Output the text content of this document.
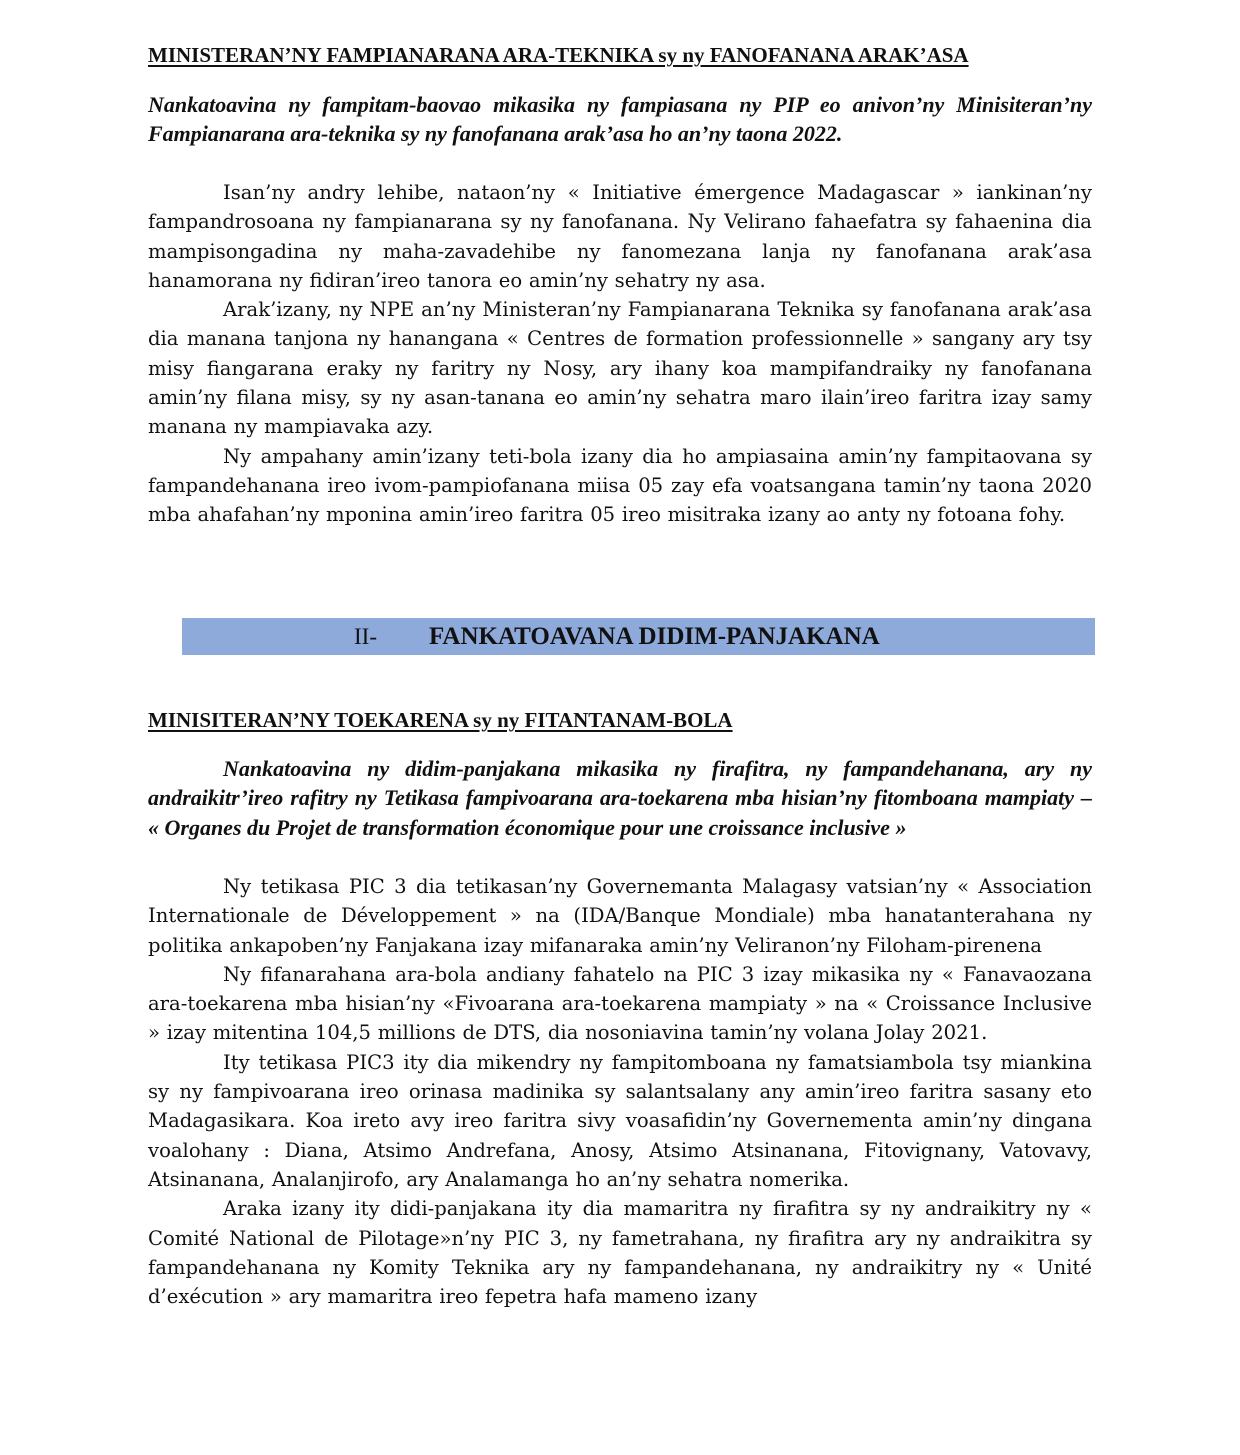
MINISTERAN’NY FAMPIANARANA ARA-TEKNIKA sy ny FANOFANANA ARAK’ASA

Nankatoavina ny fampitam-baovao mikasika ny fampiasana ny PIP eo anivon’ny Minisiteran’ny Fampianarana ara-teknika sy ny fanofanana arak’asa ho an’ny taona 2022.

Isan’ny andry lehibe, nataon’ny « Initiative émergence Madagascar » iankinan’ny fampandrosoana ny fampianarana sy ny fanofanana. Ny Velirano fahaefatra sy fahaenina dia mampisongadina ny maha-zavadehibe ny fanomezana lanja ny fanofanana arak’asa hanamorana ny fidiran’ireo tanora eo amin’ny sehatry ny asa.

Arak’izany, ny NPE an’ny Ministeran’ny Fampianarana Teknika sy fanofanana arak’asa dia manana tanjona ny hanangana « Centres de formation professionnelle » sangany ary tsy misy fiangarana eraky ny faritry ny Nosy, ary ihany koa mampifandraiky ny fanofanana amin’ny filana misy, sy ny asan-tanana eo amin’ny sehatra maro ilain’ireo faritra izay samy manana ny mampiavaka azy.

Ny ampahany amin’izany teti-bola izany dia ho ampiasaina amin’ny fampitaovana sy fampandehanana ireo ivom-pampiofanana miisa 05 zay efa voatsangana tamin’ny taona 2020 mba ahafahan’ny mponina amin’ireo faritra 05 ireo misitraka izany ao anty ny fotoana fohy.

II- FANKATOAVANA DIDIM-PANJAKANA
MINISITERAN’NY TOEKARENA sy ny FITANTANAM-BOLA

Nankatoavina ny didim-panjakana mikasika ny firafitra, ny fampandehanana, ary ny andraikitr’ireo rafitry ny Tetikasa fampivoarana ara-toekarena mba hisian’ny fitomboana mampiaty – « Organes du Projet de transformation économique pour une croissance inclusive »

Ny tetikasa PIC 3 dia tetikasan’ny Governemanta Malagasy vatsian’ny « Association Internationale de Développement » na (IDA/Banque Mondiale) mba hanatanterahana ny politika ankapoben’ny Fanjakana izay mifanaraka amin’ny Veliranon’ny Filoham-pirenena

Ny fifanarahana ara-bola andiany fahatelo na PIC 3 izay mikasika ny « Fanavaozana ara-toekarena mba hisian’ny «Fivoarana ara-toekarena mampiaty » na « Croissance Inclusive » izay mitentina 104,5 millions de DTS, dia nosoniavina tamin’ny volana Jolay 2021.

Ity tetikasa PIC3 ity dia mikendry ny fampitomboana ny famatsiambola tsy miankina sy ny fampivoarana ireo orinasa madinika sy salantsalany any amin’ireo faritra sasany eto Madagasikara. Koa ireto avy ireo faritra sivy voasafidin’ny Governementa amin’ny dingana voalohany : Diana, Atsimo Andrefana, Anosy, Atsimo Atsinanana, Fitovignany, Vatovavy, Atsinanana, Analanjirofo, ary Analamanga ho an’ny sehatra nomerika.

Araka izany ity didi-panjakana ity dia mamaritra ny firafitra sy ny andraikitry ny « Comité National de Pilotage»n’ny PIC 3, ny fametrahana, ny firafitra ary ny andraikitra sy fampandehanana ny Komity Teknika ary ny fampandehanana, ny andraikitry ny « Unité d’exécution » ary mamaritra ireo fepetra hafa mameno izany
